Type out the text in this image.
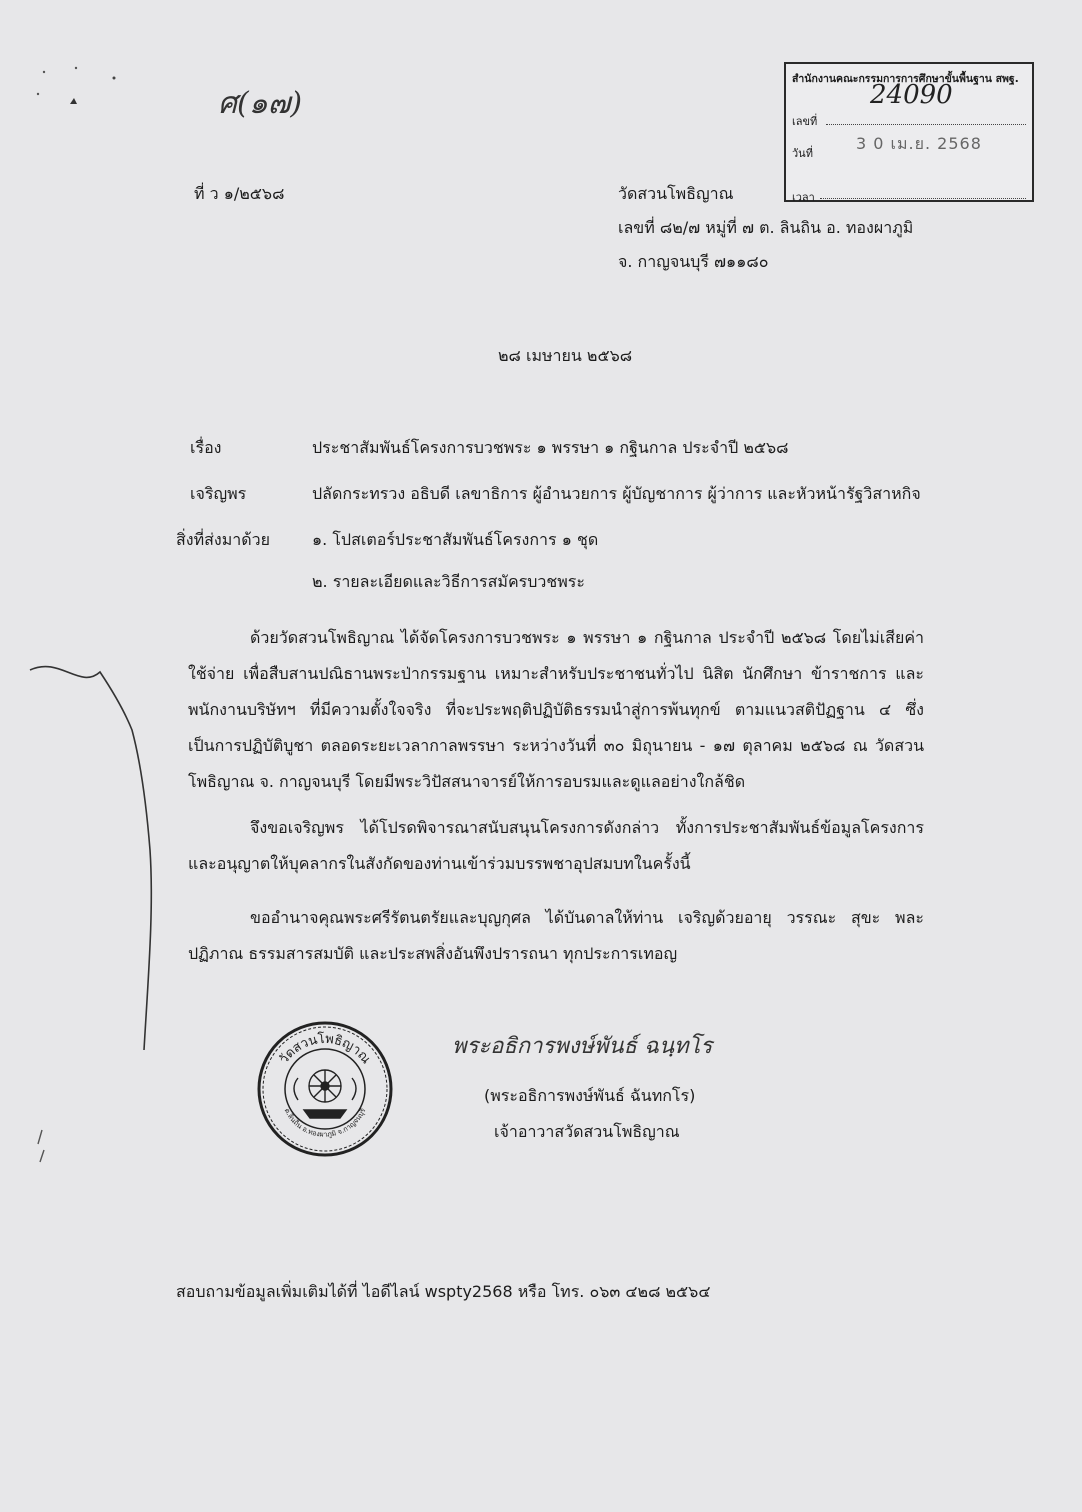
ศ(๑๗)
สำนักงานคณะกรรมการการศึกษาขั้นพื้นฐาน สพฐ.
เลขที่
24090
วันที่
3 0 เม.ย. 2568
เวลา
ที่ ว ๑/๒๕๖๘	วัดสวนโพธิญาณ
เลขที่ ๘๒/๗ หมู่ที่ ๗ ต. ลินถิน อ. ทองผาภูมิ
จ. กาญจนบุรี ๗๑๑๘๐
๒๘ เมษายน ๒๕๖๘
เรื่อง	ประชาสัมพันธ์โครงการบวชพระ ๑ พรรษา ๑ กฐินกาล ประจำปี ๒๕๖๘
เจริญพร	ปลัดกระทรวง อธิบดี เลขาธิการ ผู้อำนวยการ ผู้บัญชาการ ผู้ว่าการ และหัวหน้ารัฐวิสาหกิจ
สิ่งที่ส่งมาด้วย	๑. โปสเตอร์ประชาสัมพันธ์โครงการ ๑ ชุด
๒. รายละเอียดและวิธีการสมัครบวชพระ
ด้วยวัดสวนโพธิญาณ ได้จัดโครงการบวชพระ ๑ พรรษา ๑ กฐินกาล ประจำปี ๒๕๖๘ โดยไม่เสียค่าใช้จ่าย เพื่อสืบสานปณิธานพระป่ากรรมฐาน เหมาะสำหรับประชาชนทั่วไป นิสิต นักศึกษา ข้าราชการ และพนักงานบริษัทฯ ที่มีความตั้งใจจริง ที่จะประพฤติปฏิบัติธรรมนำสู่การพ้นทุกข์ ตามแนวสติปัฏฐาน ๔ ซึ่งเป็นการปฏิบัติบูชา ตลอดระยะเวลากาลพรรษา ระหว่างวันที่ ๓๐ มิถุนายน - ๑๗ ตุลาคม ๒๕๖๘ ณ วัดสวนโพธิญาณ จ. กาญจนบุรี โดยมีพระวิปัสสนาจารย์ให้การอบรมและดูแลอย่างใกล้ชิด
จึงขอเจริญพร ได้โปรดพิจารณาสนับสนุนโครงการดังกล่าว ทั้งการประชาสัมพันธ์ข้อมูลโครงการ และอนุญาตให้บุคลากรในสังกัดของท่านเข้าร่วมบรรพชาอุปสมบทในครั้งนี้
ขออำนาจคุณพระศรีรัตนตรัยและบุญกุศล ได้บันดาลให้ท่าน เจริญด้วยอายุ วรรณะ สุขะ พละ ปฏิภาณ ธรรมสารสมบัติ และประสพสิ่งอันพึงปรารถนา ทุกประการเทอญ
วัดสวนโพธิญาณ
ต.ลินถิน อ.ทองผาภูมิ จ.กาญจนบุรี
พระอธิการพงษ์พันธ์ ฉนฺทโร
(พระอธิการพงษ์พันธ์ ฉันทกโร)
เจ้าอาวาสวัดสวนโพธิญาณ
สอบถามข้อมูลเพิ่มเติมได้ที่ ไอดีไลน์ wspty2568 หรือ โทร. ๐๖๓ ๔๒๘ ๒๕๖๔
